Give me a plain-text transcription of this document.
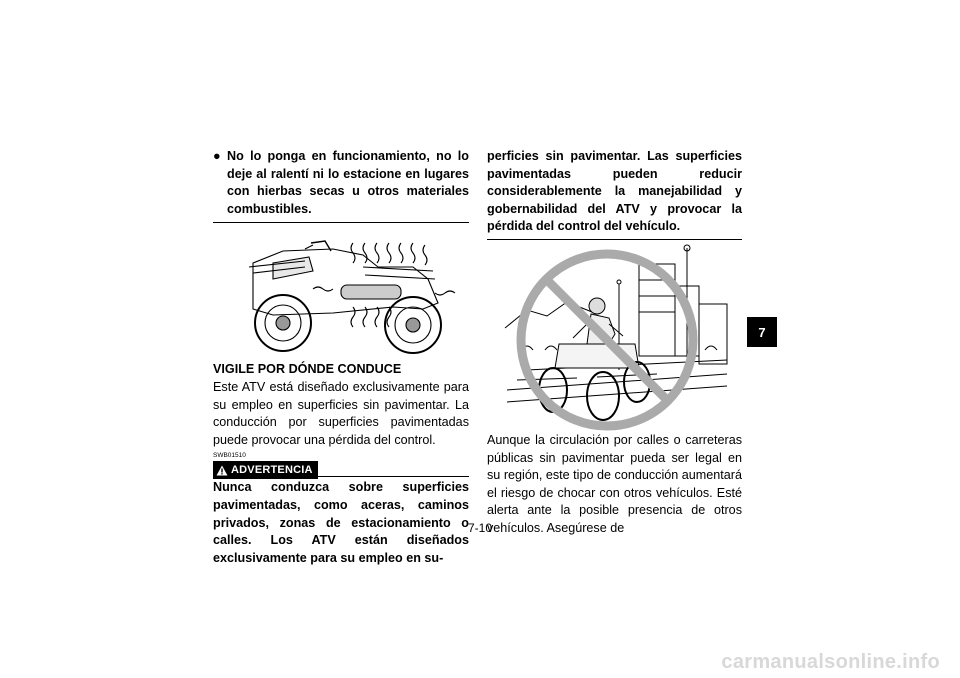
● No lo ponga en funcionamiento, no lo deje al ralentí ni lo estacione en lugares con hierbas secas u otros materiales combustibles.
VIGILE POR DÓNDE CONDUCE
Este ATV está diseñado exclusivamente para su empleo en superficies sin pavimentar. La conducción por superficies pavimentadas puede provocar una pérdida del control.
SWB01510
ADVERTENCIA
Nunca conduzca sobre superficies pavimentadas, como aceras, caminos privados, zonas de estacionamiento o calles. Los ATV están diseñados exclusivamente para su empleo en su-
perficies sin pavimentar. Las superficies pavimentadas pueden reducir considerablemente la manejabilidad y gobernabilidad del ATV y provocar la pérdida del control del vehículo.
Aunque la circulación por calles o carreteras públicas sin pavimentar pueda ser legal en su región, este tipo de conducción aumentará el riesgo de chocar con otros vehículos. Esté alerta ante la posible presencia de otros vehículos. Asegúrese de
7-10
7
carmanualsonline.info
